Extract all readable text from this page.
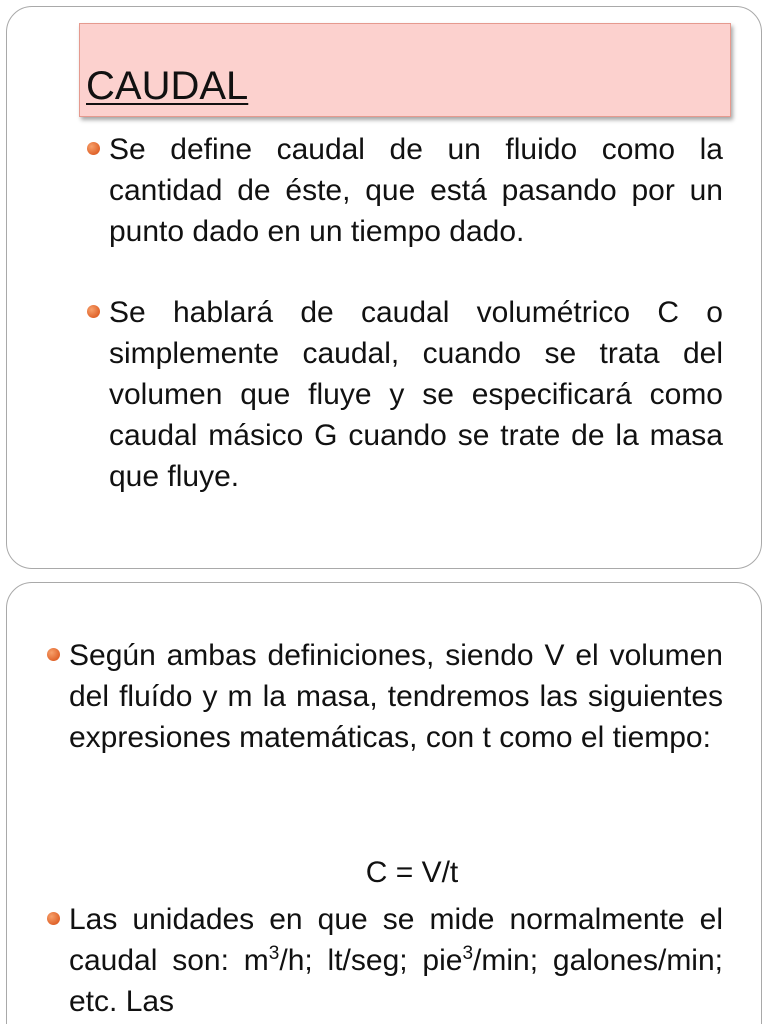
CAUDAL
Se define caudal de un fluido como la cantidad de éste, que está pasando por un punto dado en un tiempo dado.
Se hablará de caudal volumétrico C o simplemente caudal, cuando se trata del volumen que fluye y se especificará como caudal másico G cuando se trate de la masa que fluye.
Según ambas definiciones, siendo V el volumen del fluído y m la masa, tendremos las siguientes expresiones matemáticas, con t como el tiempo:
C = V/t
Las unidades en que se mide normalmente el caudal son: $m^3/h$; lt/seg; pie$^3$/min; galones/min; etc. Las
